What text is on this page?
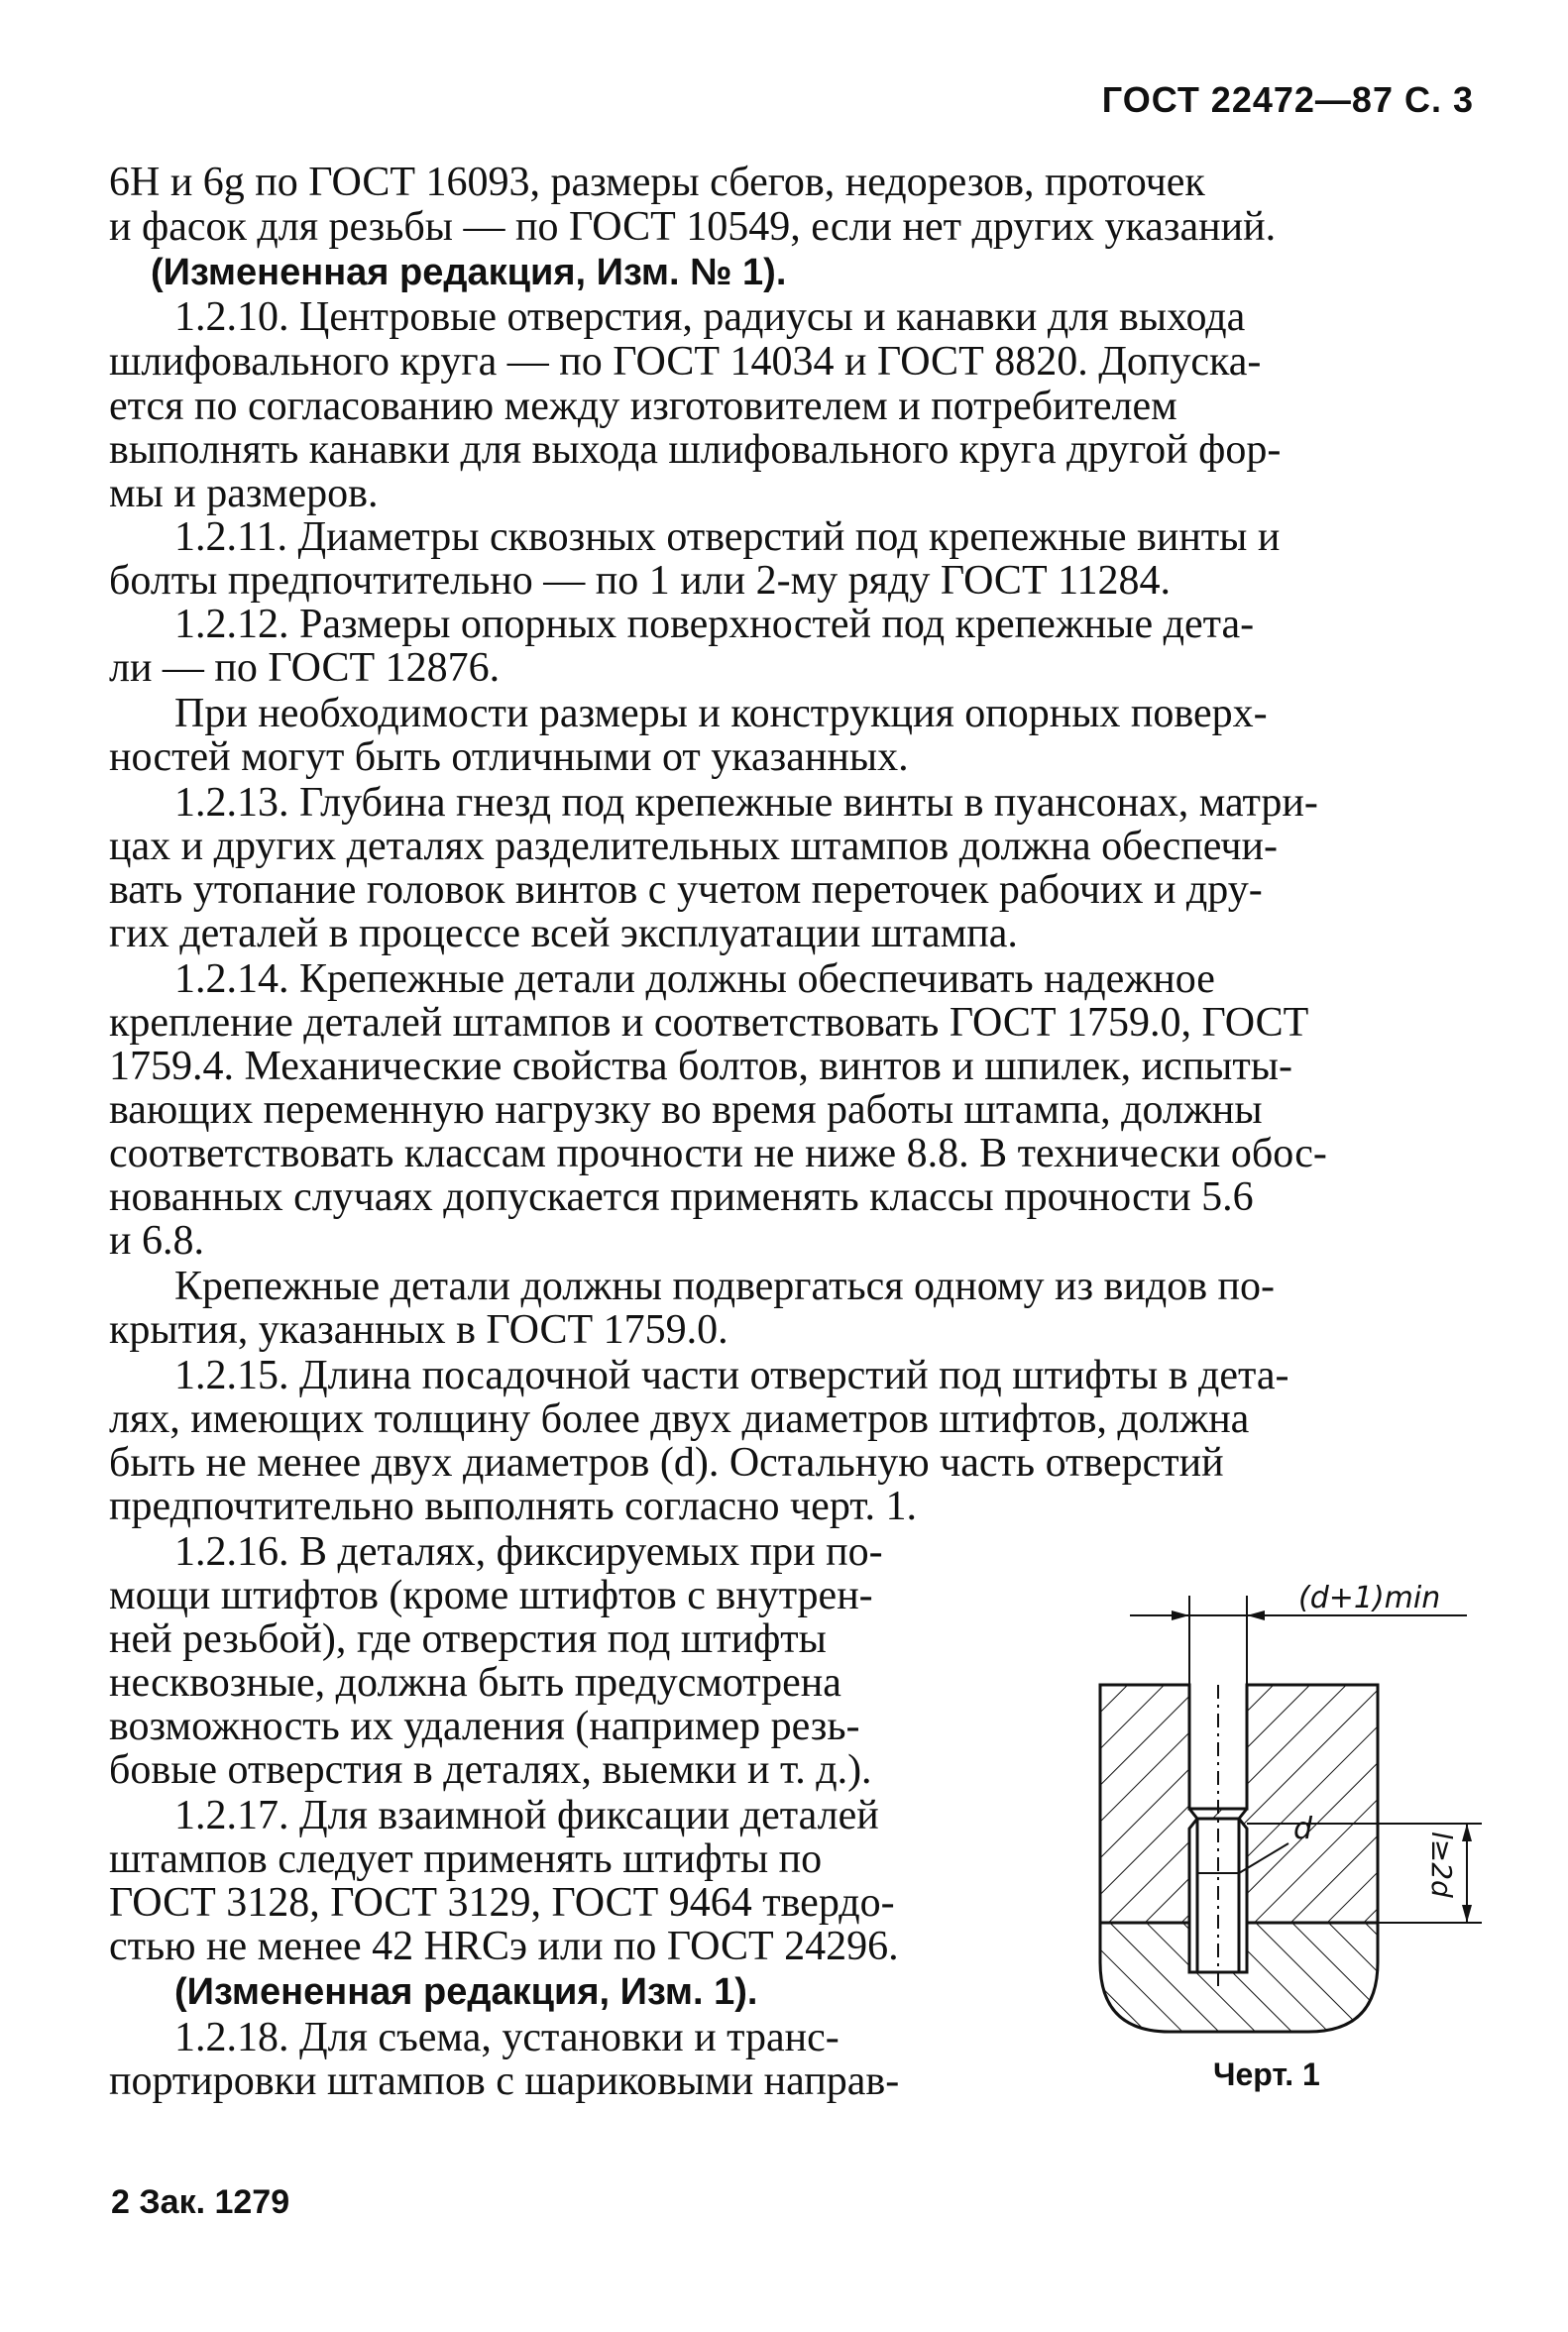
ГОСТ 22472—87 С. 3
6Н и 6g по ГОСТ 16093, размеры сбегов, недорезов, проточек
и фасок для резьбы — по ГОСТ 10549, если нет других указаний.
(Измененная редакция, Изм. № 1).
1.2.10. Центровые отверстия, радиусы и канавки для выхода
шлифовального круга — по ГОСТ 14034 и ГОСТ 8820. Допуска-
ется по согласованию между изготовителем и потребителем
выполнять канавки для выхода шлифовального круга другой фор-
мы и размеров.
1.2.11. Диаметры сквозных отверстий под крепежные винты и
болты предпочтительно — по 1 или 2-му ряду ГОСТ 11284.
1.2.12. Размеры опорных поверхностей под крепежные дета-
ли — по ГОСТ 12876.
При необходимости размеры и конструкция опорных поверх-
ностей могут быть отличными от указанных.
1.2.13. Глубина гнезд под крепежные винты в пуансонах, матри-
цах и других деталях разделительных штампов должна обеспечи-
вать утопание головок винтов с учетом переточек рабочих и дру-
гих деталей в процессе всей эксплуатации штампа.
1.2.14. Крепежные детали должны обеспечивать надежное
крепление деталей штампов и соответствовать ГОСТ 1759.0, ГОСТ
1759.4. Механические свойства болтов, винтов и шпилек, испыты-
вающих переменную нагрузку во время работы штампа, должны
соответствовать классам прочности не ниже 8.8. В технически обос-
нованных случаях допускается применять классы прочности 5.6
и 6.8.
Крепежные детали должны подвергаться одному из видов по-
крытия, указанных в ГОСТ 1759.0.
1.2.15. Длина посадочной части отверстий под штифты в дета-
лях, имеющих толщину более двух диаметров штифтов, должна
быть не менее двух диаметров (d). Остальную часть отверстий
предпочтительно выполнять согласно черт. 1.
1.2.16. В деталях, фиксируемых при по-
мощи штифтов (кроме штифтов с внутрен-
ней резьбой), где отверстия под штифты
несквозные, должна быть предусмотрена
возможность их удаления (например резь-
бовые отверстия в деталях, выемки и т. д.).
1.2.17. Для взаимной фиксации деталей
штампов следует применять штифты по
ГОСТ 3128, ГОСТ 3129, ГОСТ 9464 твердо-
стью не менее 42 HRCэ или по ГОСТ 24296.
(Измененная редакция, Изм. 1).
1.2.18. Для съема, установки и транс-
портировки штампов с шариковыми направ-
(d+1)min
d
l≥2d
Черт. 1
2 Зак. 1279
